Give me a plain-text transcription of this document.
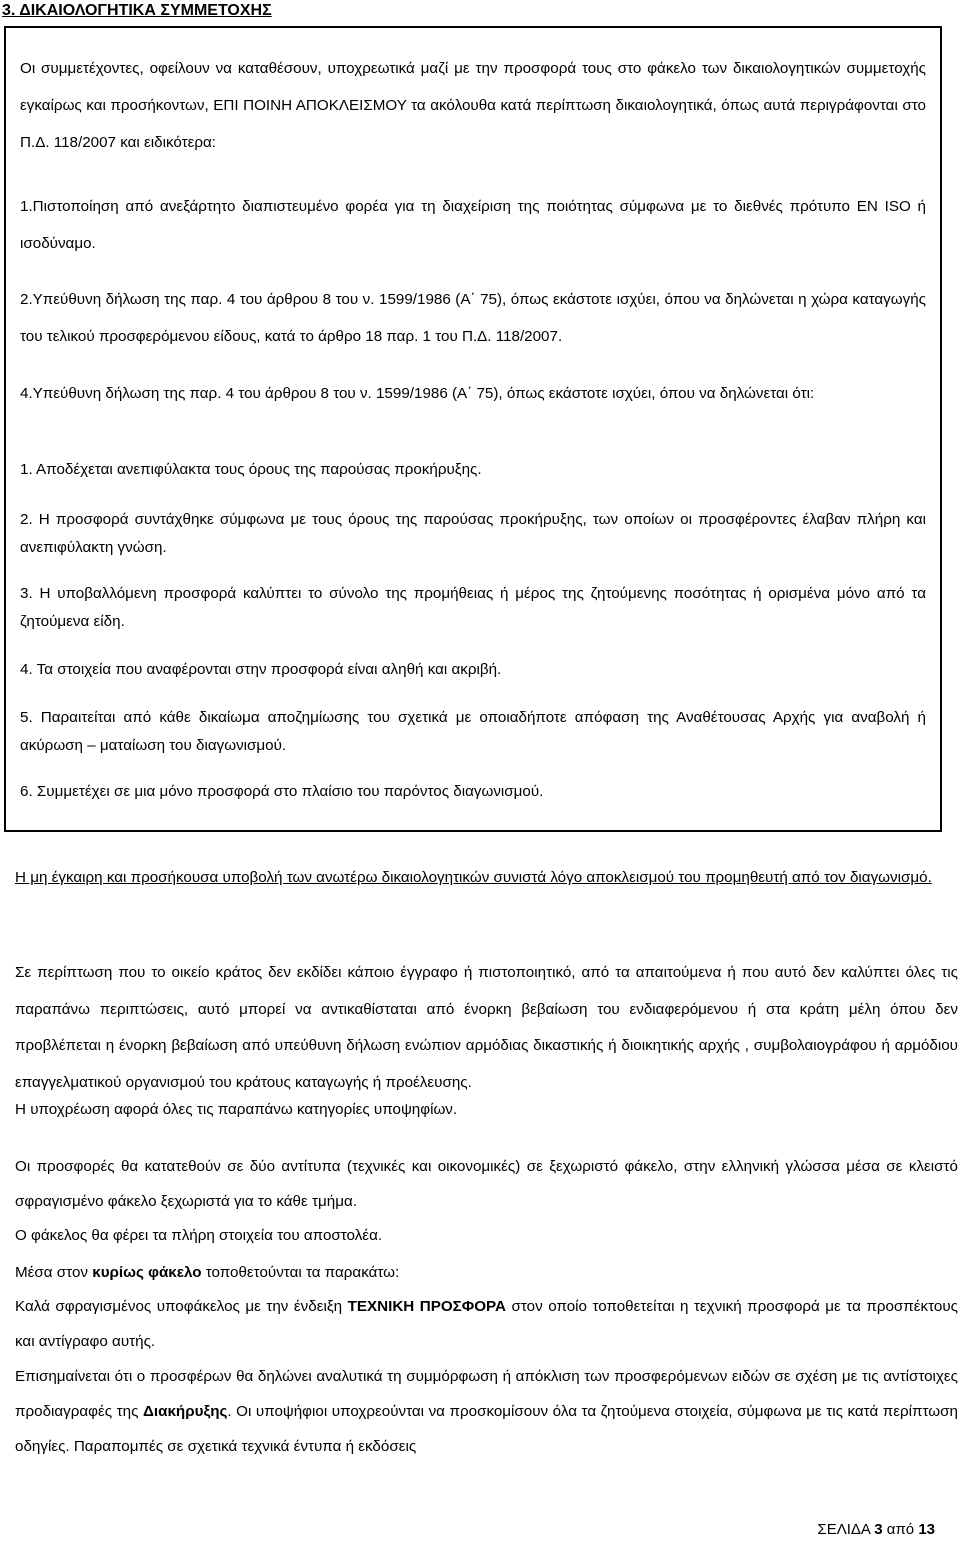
3. ΔΙΚΑΙΟΛΟΓΗΤΙΚΑ ΣΥΜΜΕΤΟΧΗΣ

Οι συμμετέχοντες, οφείλουν να καταθέσουν, υποχρεωτικά μαζί με την προσφορά τους στο φάκελο των δικαιολογητικών συμμετοχής εγκαίρως και προσήκοντων, ΕΠΙ ΠΟΙΝΗ ΑΠΟΚΛΕΙΣΜΟΥ τα ακόλουθα κατά περίπτωση δικαιολογητικά, όπως αυτά περιγράφονται στο Π.Δ. 118/2007 και ειδικότερα:

1.Πιστοποίηση από ανεξάρτητο διαπιστευμένο φορέα για τη διαχείριση της ποιότητας σύμφωνα με το διεθνές πρότυπο EN ISO ή ισοδύναμο.

2.Υπεύθυνη δήλωση της παρ. 4 του άρθρου 8 του ν. 1599/1986 (Α΄ 75), όπως εκάστοτε ισχύει, όπου να δηλώνεται η χώρα καταγωγής του τελικού προσφερόμενου είδους, κατά το άρθρο 18 παρ. 1 του Π.Δ. 118/2007.

4.Υπεύθυνη δήλωση της παρ. 4 του άρθρου 8 του ν. 1599/1986 (Α΄ 75), όπως εκάστοτε ισχύει, όπου να δηλώνεται ότι:

1. Αποδέχεται ανεπιφύλακτα τους όρους της παρούσας προκήρυξης.

2. Η προσφορά συντάχθηκε σύμφωνα με τους όρους της παρούσας προκήρυξης, των οποίων οι προσφέροντες έλαβαν πλήρη και ανεπιφύλακτη γνώση.

3. Η υποβαλλόμενη προσφορά καλύπτει το σύνολο της προμήθειας ή μέρος της ζητούμενης ποσότητας ή ορισμένα μόνο από τα ζητούμενα είδη.

4. Τα στοιχεία που αναφέρονται στην προσφορά είναι αληθή και ακριβή.

5. Παραιτείται από κάθε δικαίωμα αποζημίωσης του σχετικά με οποιαδήποτε απόφαση της Αναθέτουσας Αρχής για αναβολή ή ακύρωση – ματαίωση του διαγωνισμού.

6. Συμμετέχει σε μια μόνο προσφορά στο πλαίσιο του παρόντος διαγωνισμού.

Η μη έγκαιρη και προσήκουσα υποβολή των ανωτέρω δικαιολογητικών συνιστά λόγο αποκλεισμού του προμηθευτή από τον διαγωνισμό.

Σε περίπτωση που το οικείο κράτος δεν εκδίδει κάποιο έγγραφο ή πιστοποιητικό, από τα απαιτούμενα ή που αυτό δεν καλύπτει όλες τις παραπάνω περιπτώσεις, αυτό μπορεί να αντικαθίσταται από ένορκη βεβαίωση του ενδιαφερόμενου ή στα κράτη μέλη όπου δεν προβλέπεται η ένορκη βεβαίωση από υπεύθυνη δήλωση ενώπιον αρμόδιας δικαστικής ή διοικητικής αρχής , συμβολαιογράφου ή αρμόδιου επαγγελματικού οργανισμού του κράτους καταγωγής ή προέλευσης.

Η υποχρέωση αφορά όλες τις παραπάνω κατηγορίες υποψηφίων.

Οι προσφορές θα κατατεθούν σε δύο αντίτυπα (τεχνικές και οικονομικές) σε ξεχωριστό φάκελο, στην ελληνική γλώσσα μέσα σε κλειστό σφραγισμένο φάκελο ξεχωριστά για το κάθε τμήμα.

Ο φάκελος θα φέρει τα πλήρη στοιχεία του αποστολέα.

Μέσα στον κυρίως φάκελο τοποθετούνται τα παρακάτω:

Καλά σφραγισμένος υποφάκελος με την ένδειξη ΤΕΧΝΙΚΗ ΠΡΟΣΦΟΡΑ στον οποίο τοποθετείται η τεχνική προσφορά με τα προσπέκτους και αντίγραφο αυτής.

Επισημαίνεται ότι ο προσφέρων θα δηλώνει αναλυτικά τη συμμόρφωση ή απόκλιση των προσφερόμενων ειδών σε σχέση με τις αντίστοιχες προδιαγραφές της Διακήρυξης. Οι υποψήφιοι υποχρεούνται να προσκομίσουν όλα τα ζητούμενα στοιχεία, σύμφωνα με τις κατά περίπτωση οδηγίες. Παραπομπές σε σχετικά τεχνικά έντυπα ή εκδόσεις

ΣΕΛΙΔΑ 3 από 13
